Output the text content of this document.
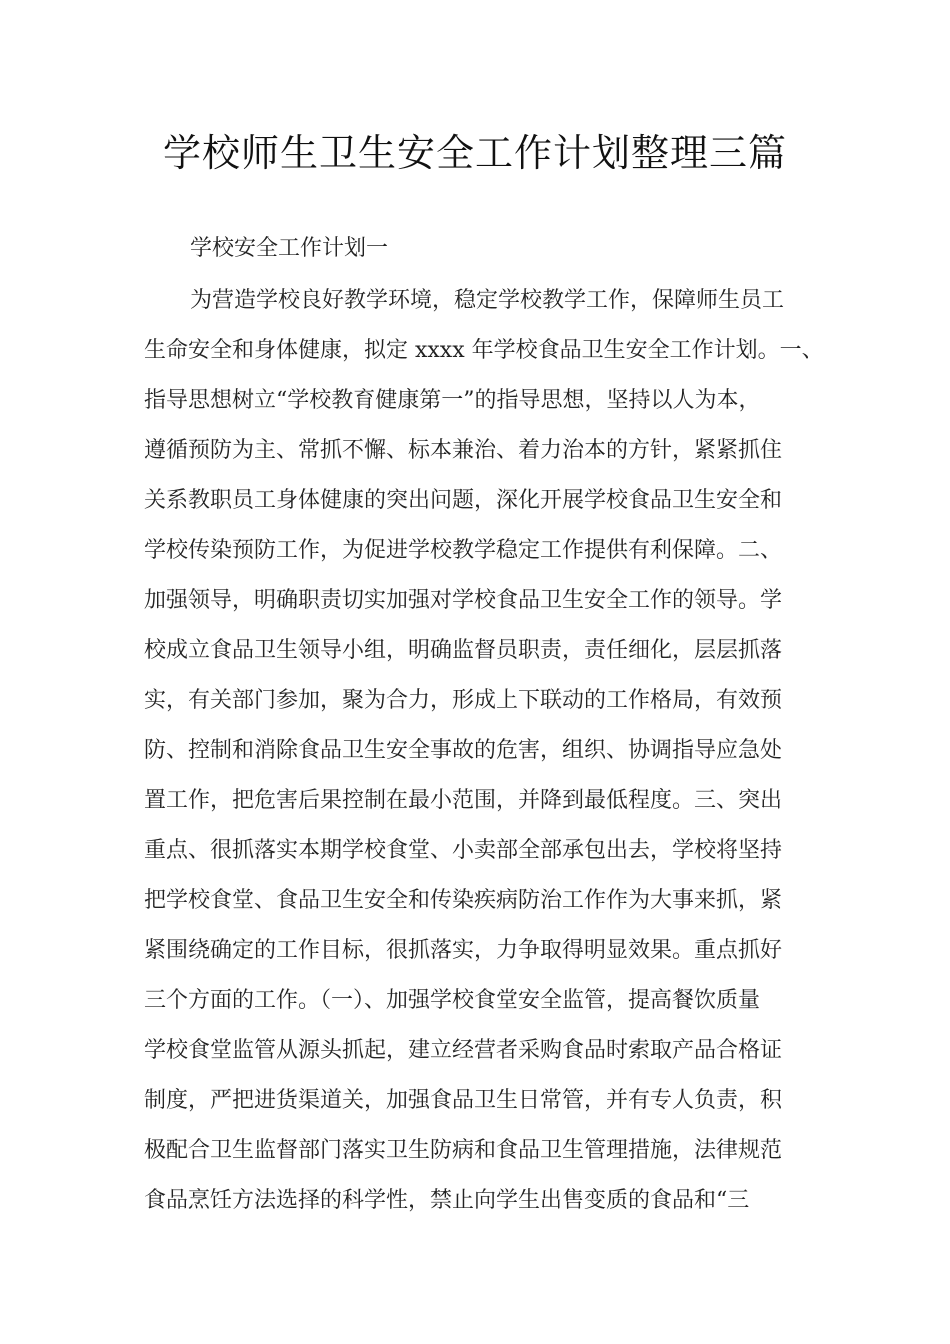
学校师生卫生安全工作计划整理三篇
学校安全工作计划一
为营造学校良好教学环境，稳定学校教学工作，保障师生员工
生命安全和身体健康，拟定 xxxx 年学校食品卫生安全工作计划。一、
指导思想树立“学校教育健康第一”的指导思想，坚持以人为本，
遵循预防为主、常抓不懈、标本兼治、着力治本的方针，紧紧抓住
关系教职员工身体健康的突出问题，深化开展学校食品卫生安全和
学校传染预防工作，为促进学校教学稳定工作提供有利保障。二、
加强领导，明确职责切实加强对学校食品卫生安全工作的领导。学
校成立食品卫生领导小组，明确监督员职责，责任细化，层层抓落
实，有关部门参加，聚为合力，形成上下联动的工作格局，有效预
防、控制和消除食品卫生安全事故的危害，组织、协调指导应急处
置工作，把危害后果控制在最小范围，并降到最低程度。三、突出
重点、很抓落实本期学校食堂、小卖部全部承包出去，学校将坚持
把学校食堂、食品卫生安全和传染疾病防治工作作为大事来抓，紧
紧围绕确定的工作目标，很抓落实，力争取得明显效果。重点抓好
三个方面的工作。（一）、加强学校食堂安全监管，提高餐饮质量
学校食堂监管从源头抓起，建立经营者采购食品时索取产品合格证
制度，严把进货渠道关，加强食品卫生日常管，并有专人负责，积
极配合卫生监督部门落实卫生防病和食品卫生管理措施，法律规范
食品烹饪方法选择的科学性，禁止向学生出售变质的食品和“三
